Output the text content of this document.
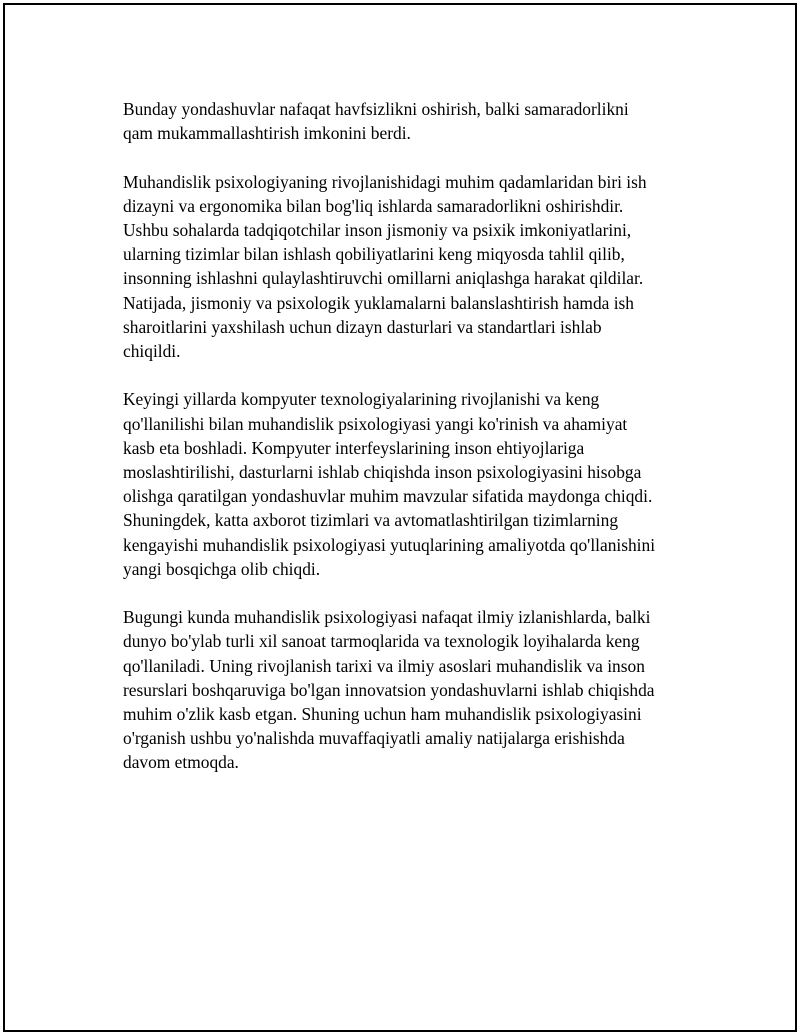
Bunday yondashuvlar nafaqat havfsizlikni oshirish, balki samaradorlikni
qam mukammallashtirish imkonini berdi.

Muhandislik psixologiyaning rivojlanishidagi muhim qadamlaridan biri ish
dizayni va ergonomika bilan bog'liq ishlarda samaradorlikni oshirishdir.
Ushbu sohalarda tadqiqotchilar inson jismoniy va psixik imkoniyatlarini,
ularning tizimlar bilan ishlash qobiliyatlarini keng miqyosda tahlil qilib,
insonning ishlashni qulaylashtiruvchi omillarni aniqlashga harakat qildilar.
Natijada, jismoniy va psixologik yuklamalarni balanslashtirish hamda ish
sharoitlarini yaxshilash uchun dizayn dasturlari va standartlari ishlab
chiqildi.

Keyingi yillarda kompyuter texnologiyalarining rivojlanishi va keng
qo'llanilishi bilan muhandislik psixologiyasi yangi ko'rinish va ahamiyat
kasb eta boshladi. Kompyuter interfeyslarining inson ehtiyojlariga
moslashtirilishi, dasturlarni ishlab chiqishda inson psixologiyasini hisobga
olishga qaratilgan yondashuvlar muhim mavzular sifatida maydonga chiqdi.
Shuningdek, katta axborot tizimlari va avtomatlashtirilgan tizimlarning
kengayishi muhandislik psixologiyasi yutuqlarining amaliyotda qo'llanishini
yangi bosqichga olib chiqdi.

Bugungi kunda muhandislik psixologiyasi nafaqat ilmiy izlanishlarda, balki
dunyo bo'ylab turli xil sanoat tarmoqlarida va texnologik loyihalarda keng
qo'llaniladi. Uning rivojlanish tarixi va ilmiy asoslari muhandislik va inson
resurslari boshqaruviga bo'lgan innovatsion yondashuvlarni ishlab chiqishda
muhim o'zlik kasb etgan. Shuning uchun ham muhandislik psixologiyasini
o'rganish ushbu yo'nalishda muvaffaqiyatli amaliy natijalarga erishishda
davom etmoqda.
